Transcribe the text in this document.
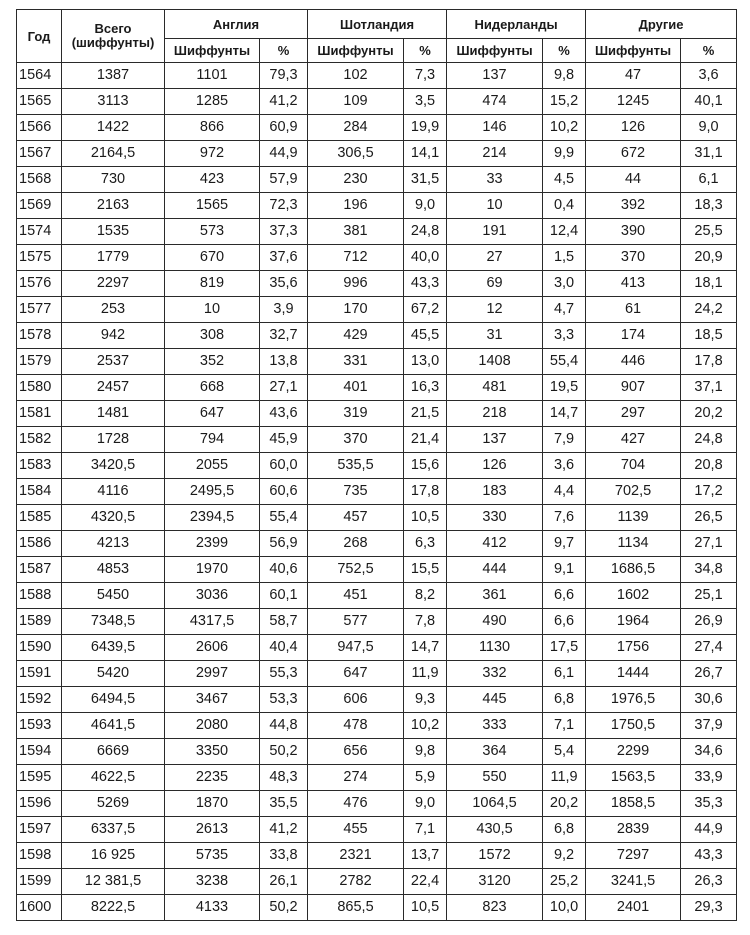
Год	Всего
(шиффунты)	Англия		Шотландия		Нидерланды		Другие	
		Шиффунты	%	Шиффунты	%	Шиффунты	%	Шиффунты	%
1564	1387	1101	79,3	102	7,3	137	9,8	47	3,6
1565	3113	1285	41,2	109	3,5	474	15,2	1245	40,1
1566	1422	866	60,9	284	19,9	146	10,2	126	9,0
1567	2164,5	972	44,9	306,5	14,1	214	9,9	672	31,1
1568	730	423	57,9	230	31,5	33	4,5	44	6,1
1569	2163	1565	72,3	196	9,0	10	0,4	392	18,3
1574	1535	573	37,3	381	24,8	191	12,4	390	25,5
1575	1779	670	37,6	712	40,0	27	1,5	370	20,9
1576	2297	819	35,6	996	43,3	69	3,0	413	18,1
1577	253	10	3,9	170	67,2	12	4,7	61	24,2
1578	942	308	32,7	429	45,5	31	3,3	174	18,5
1579	2537	352	13,8	331	13,0	1408	55,4	446	17,8
1580	2457	668	27,1	401	16,3	481	19,5	907	37,1
1581	1481	647	43,6	319	21,5	218	14,7	297	20,2
1582	1728	794	45,9	370	21,4	137	7,9	427	24,8
1583	3420,5	2055	60,0	535,5	15,6	126	3,6	704	20,8
1584	4116	2495,5	60,6	735	17,8	183	4,4	702,5	17,2
1585	4320,5	2394,5	55,4	457	10,5	330	7,6	1139	26,5
1586	4213	2399	56,9	268	6,3	412	9,7	1134	27,1
1587	4853	1970	40,6	752,5	15,5	444	9,1	1686,5	34,8
1588	5450	3036	60,1	451	8,2	361	6,6	1602	25,1
1589	7348,5	4317,5	58,7	577	7,8	490	6,6	1964	26,9
1590	6439,5	2606	40,4	947,5	14,7	1130	17,5	1756	27,4
1591	5420	2997	55,3	647	11,9	332	6,1	1444	26,7
1592	6494,5	3467	53,3	606	9,3	445	6,8	1976,5	30,6
1593	4641,5	2080	44,8	478	10,2	333	7,1	1750,5	37,9
1594	6669	3350	50,2	656	9,8	364	5,4	2299	34,6
1595	4622,5	2235	48,3	274	5,9	550	11,9	1563,5	33,9
1596	5269	1870	35,5	476	9,0	1064,5	20,2	1858,5	35,3
1597	6337,5	2613	41,2	455	7,1	430,5	6,8	2839	44,9
1598	16 925	5735	33,8	2321	13,7	1572	9,2	7297	43,3
1599	12 381,5	3238	26,1	2782	22,4	3120	25,2	3241,5	26,3
1600	8222,5	4133	50,2	865,5	10,5	823	10,0	2401	29,3
